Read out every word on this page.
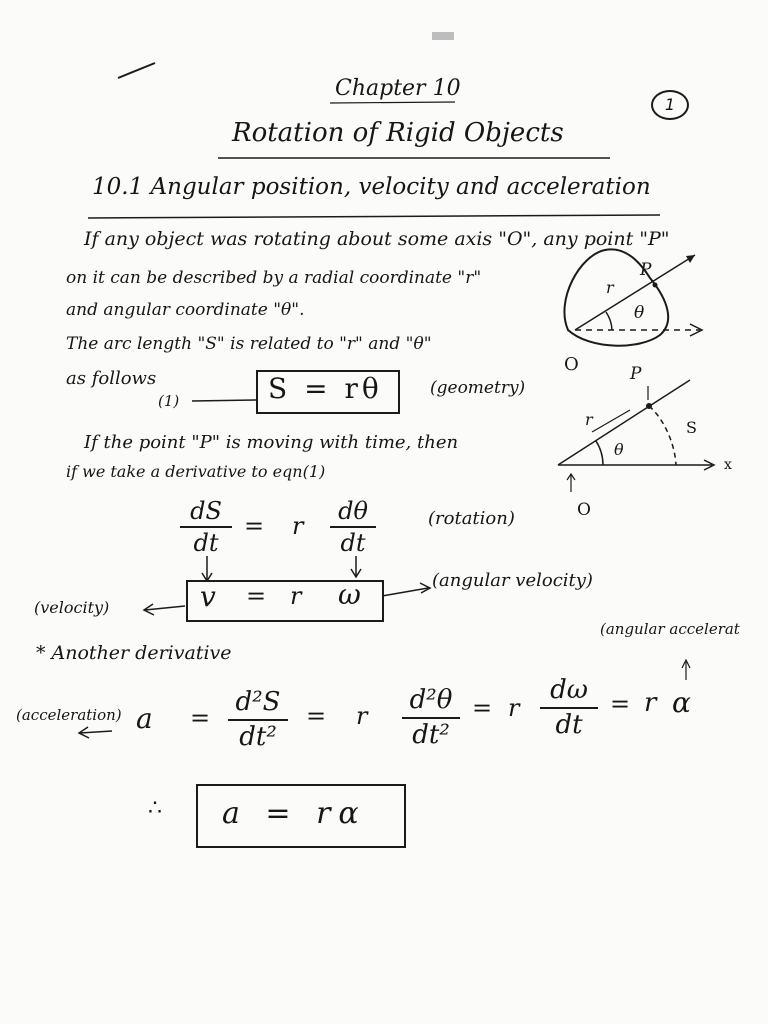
1
Chapter 10
Rotation of Rigid Objects
10.1 Angular position, velocity and acceleration
If any object was rotating about some axis "O", any point "P"
on it can be described by a radial coordinate "r"
and angular coordinate "θ".
The arc length "S" is related to "r" and "θ"
as follows
(1)	S = rθ	(geometry)
r
P
θ
O	P
r	S
θ
x
O
If the point "P" is moving with time, then
if we take a derivative to eqn(1)
dS
dt
= r
dθ
dt
(rotation)
v = r ω	(angular velocity)
(velocity)
* Another derivative
(angular accelerat
(acceleration) a =
d²S
dt²
= r
d²θ
dt²
= r
dω
dt
= r α
∴ a = rα
